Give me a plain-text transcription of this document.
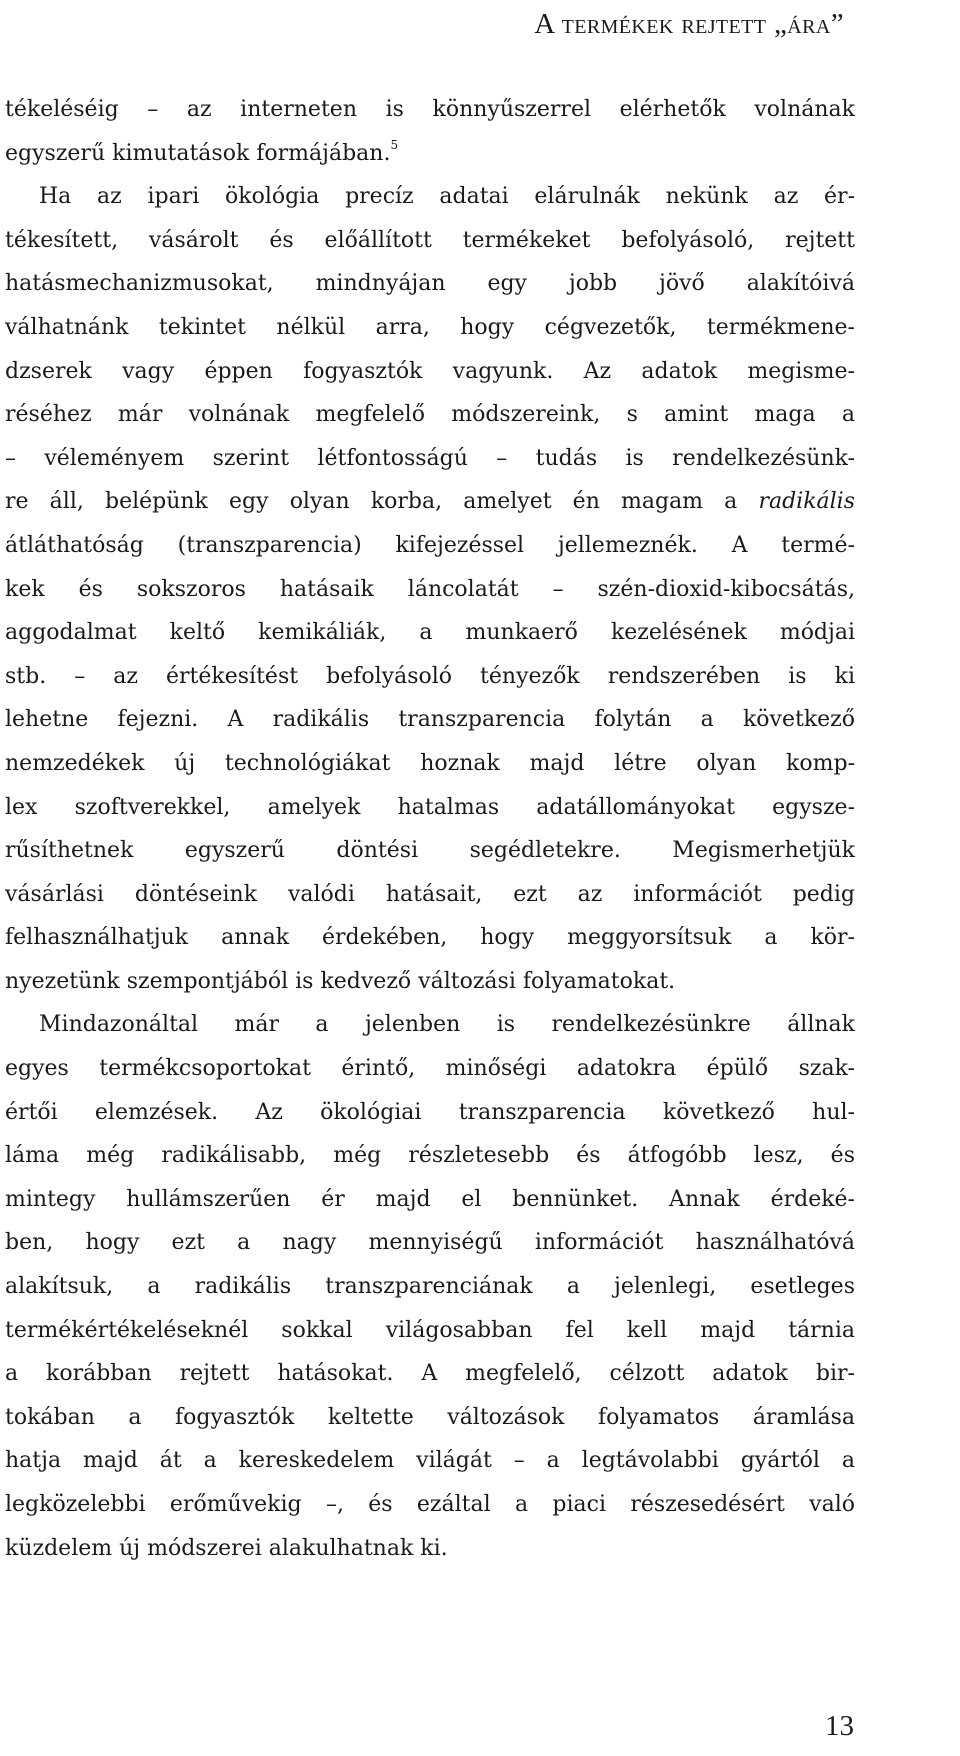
A termékek rejtett „ára”

tékeléséig – az interneten is könnyűszerrel elérhetők volnának
egyszerű kimutatások formájában.$^5$
Ha az ipari ökológia precíz adatai elárulnák nekünk az ér-
tékesített, vásárolt és előállított termékeket befolyásoló, rejtett
hatásmechanizmusokat, mindnyájan egy jobb jövő alakítóivá
válhatnánk tekintet nélkül arra, hogy cégvezetők, termékmene-
dzserek vagy éppen fogyasztók vagyunk. Az adatok megisme-
réséhez már volnának megfelelő módszereink, s amint maga a
– véleményem szerint létfontosságú – tudás is rendelkezésünk-
re áll, belépünk egy olyan korba, amelyet én magam a radikális
átláthatóság (transzparencia) kifejezéssel jellemeznék. A termé-
kek és sokszoros hatásaik láncolatát – szén-dioxid-kibocsátás,
aggodalmat keltő kemikáliák, a munkaerő kezelésének módjai
stb. – az értékesítést befolyásoló tényezők rendszerében is ki
lehetne fejezni. A radikális transzparencia folytán a következő
nemzedékek új technológiákat hoznak majd létre olyan komp-
lex szoftverekkel, amelyek hatalmas adatállományokat egysze-
rűsíthetnek egyszerű döntési segédletekre. Megismerhetjük
vásárlási döntéseink valódi hatásait, ezt az információt pedig
felhasználhatjuk annak érdekében, hogy meggyorsítsuk a kör-
nyezetünk szempontjából is kedvező változási folyamatokat.
Mindazonáltal már a jelenben is rendelkezésünkre állnak
egyes termékcsoportokat érintő, minőségi adatokra épülő szak-
értői elemzések. Az ökológiai transzparencia következő hul-
láma még radikálisabb, még részletesebb és átfogóbb lesz, és
mintegy hullámszerűen ér majd el bennünket. Annak érdeké-
ben, hogy ezt a nagy mennyiségű információt használhatóvá
alakítsuk, a radikális transzparenciának a jelenlegi, esetleges
termékértékeléseknél sokkal világosabban fel kell majd tárnia
a korábban rejtett hatásokat. A megfelelő, célzott adatok bir-
tokában a fogyasztók keltette változások folyamatos áramlása
hatja majd át a kereskedelem világát – a legtávolabbi gyártól a
legközelebbi erőművekig –, és ezáltal a piaci részesedésért való
küzdelem új módszerei alakulhatnak ki.

13
